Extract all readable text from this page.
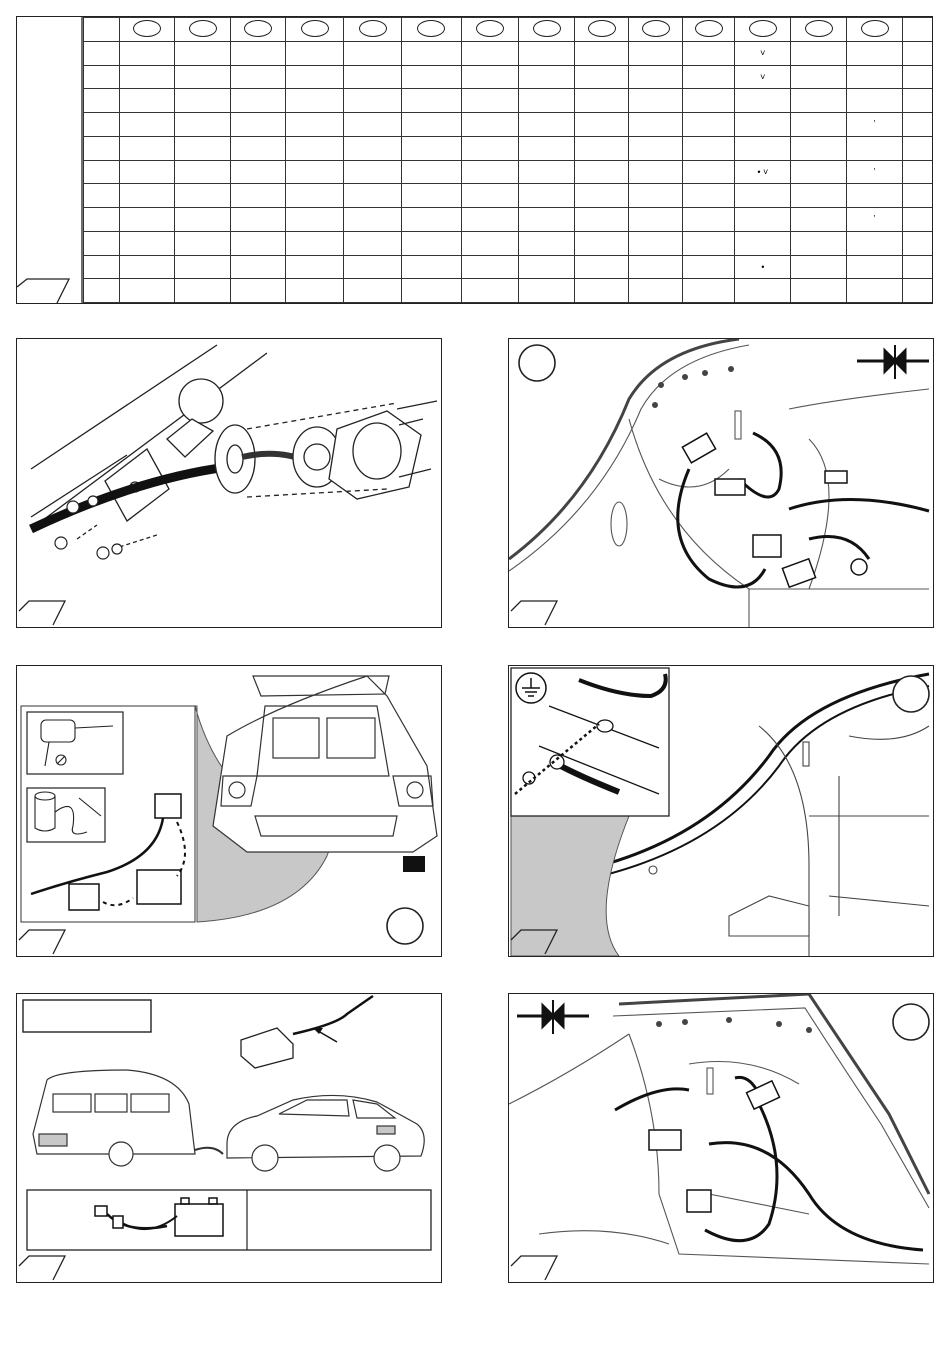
												˅			
												˅			

														ʼ	

												• ˅		ʼ	

														ʼ	

												•			
